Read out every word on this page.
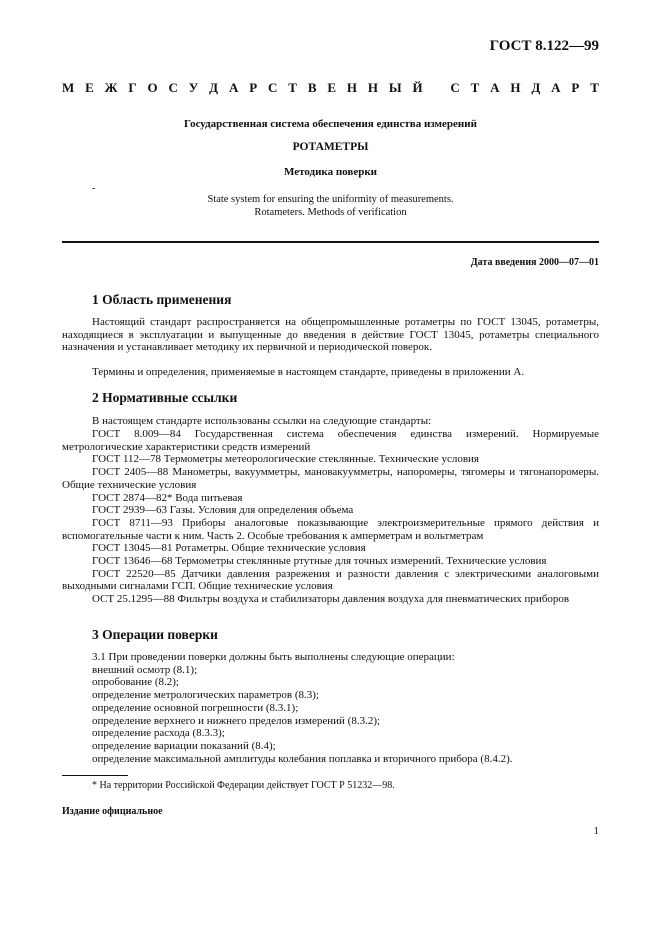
ГОСТ 8.122—99
М Е Ж Г О С У Д А Р С Т В Е Н Н Ы Й С Т А Н Д А Р Т
Государственная система обеспечения единства измерений
РОТАМЕТРЫ
Методика поверки
-
State system for ensuring the uniformity of measurements.
Rotameters. Methods of verification
Дата введения 2000—07—01
1 Область применения
Настоящий стандарт распространяется на общепромышленные ротаметры по ГОСТ 13045, ротаметры, находящиеся в эксплуатации и выпущенные до введения в действие ГОСТ 13045, ротаметры специального назначения и устанавливает методику их первичной и периодической поверок.
Термины и определения, применяемые в настоящем стандарте, приведены в приложении А.
2 Нормативные ссылки
В настоящем стандарте использованы ссылки на следующие стандарты:
ГОСТ 8.009—84 Государственная система обеспечения единства измерений. Нормируемые метрологические характеристики средств измерений
ГОСТ 112—78 Термометры метеорологические стеклянные. Технические условия
ГОСТ 2405—88 Манометры, вакуумметры, мановакуумметры, напоромеры, тягомеры и тягонапоромеры. Общие технические условия
ГОСТ 2874—82* Вода питьевая
ГОСТ 2939—63 Газы. Условия для определения объема
ГОСТ 8711—93 Приборы аналоговые показывающие электроизмерительные прямого действия и вспомогательные части к ним. Часть 2. Особые требования к амперметрам и вольтметрам
ГОСТ 13045—81 Ротаметры. Общие технические условия
ГОСТ 13646—68 Термометры стеклянные ртутные для точных измерений. Технические условия
ГОСТ 22520—85 Датчики давления разрежения и разности давления с электрическими аналоговыми выходными сигналами ГСП. Общие технические условия
ОСТ 25.1295—88 Фильтры воздуха и стабилизаторы давления воздуха для пневматических приборов
3 Операции поверки
3.1 При проведении поверки должны быть выполнены следующие операции:
внешний осмотр (8.1);
опробование (8.2);
определение метрологических параметров (8.3);
определение основной погрешности (8.3.1);
определение верхнего и нижнего пределов измерений (8.3.2);
определение расхода (8.3.3);
определение вариации показаний (8.4);
определение максимальной амплитуды колебания поплавка и вторичного прибора (8.4.2).
* На территории Российской Федерации действует ГОСТ Р 51232—98.
Издание официальное
1
